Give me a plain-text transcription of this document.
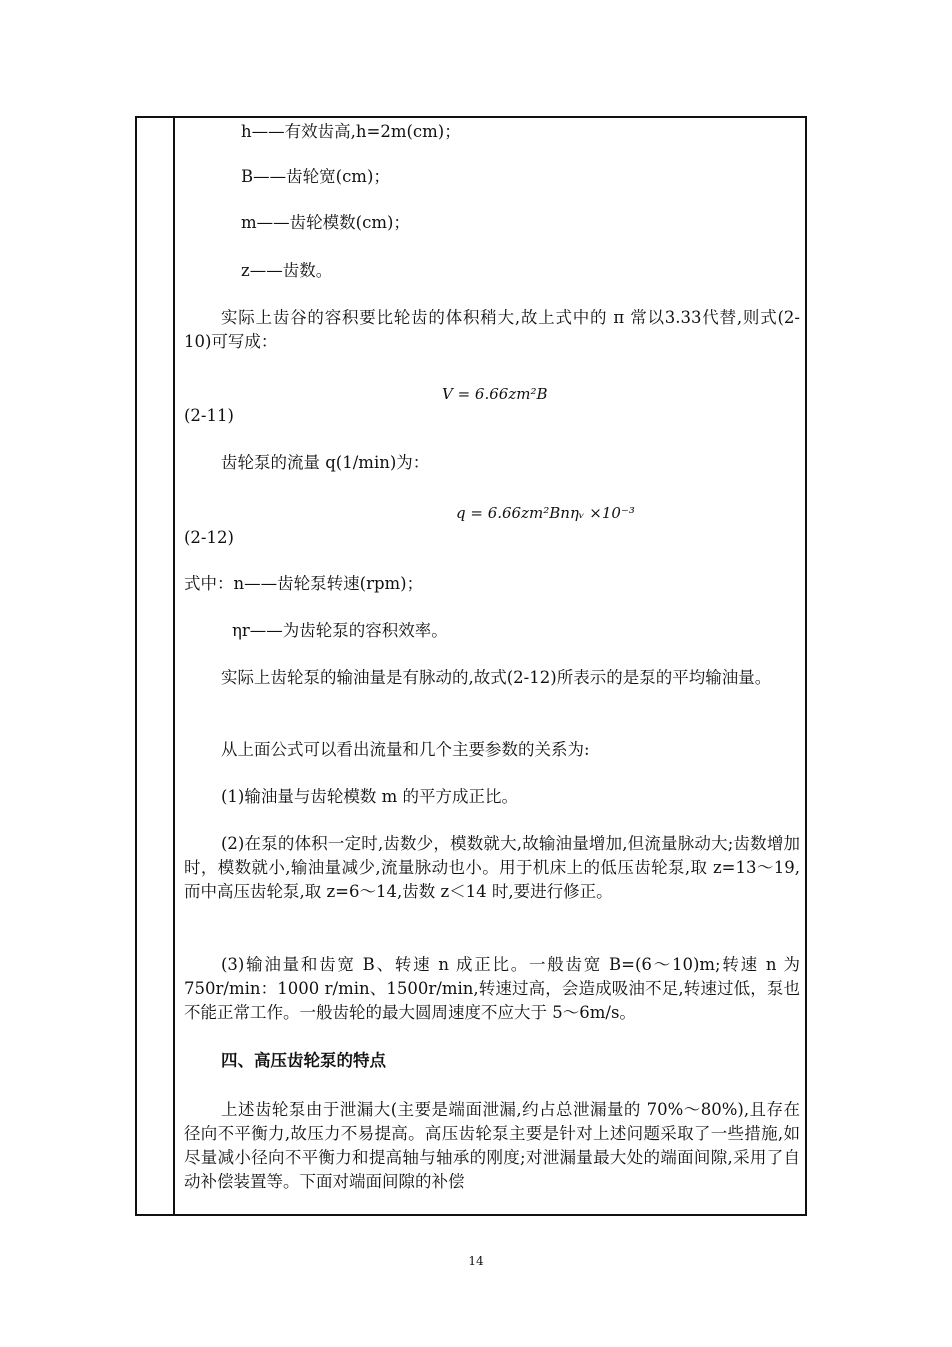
h——有效齿高,h=2m(cm)；
B——齿轮宽(cm)；
m——齿轮模数(cm)；
z——齿数。
实际上齿谷的容积要比轮齿的体积稍大,故上式中的 π 常以3.33代替,则式(2-10)可写成：
V = 6.66zm²B
(2-11)
齿轮泵的流量 q(1/min)为：
q = 6.66zm²Bnηᵥ ×10⁻³
(2-12)
式中：n——齿轮泵转速(rpm)；
ηr——为齿轮泵的容积效率。
实际上齿轮泵的输油量是有脉动的,故式(2-12)所表示的是泵的平均输油量。
从上面公式可以看出流量和几个主要参数的关系为:
(1)输油量与齿轮模数 m 的平方成正比。
(2)在泵的体积一定时,齿数少，模数就大,故输油量增加,但流量脉动大;齿数增加时，模数就小,输油量减少,流量脉动也小。用于机床上的低压齿轮泵,取 z=13～19,而中高压齿轮泵,取 z=6～14,齿数 z＜14 时,要进行修正。
(3)输油量和齿宽 B、转速 n 成正比。一般齿宽 B=(6～10)m;转速 n 为750r/min：1000 r/min、1500r/min,转速过高，会造成吸油不足,转速过低，泵也不能正常工作。一般齿轮的最大圆周速度不应大于 5～6m/s。
四、高压齿轮泵的特点
上述齿轮泵由于泄漏大(主要是端面泄漏,约占总泄漏量的 70%～80%),且存在径向不平衡力,故压力不易提高。高压齿轮泵主要是针对上述问题采取了一些措施,如尽量减小径向不平衡力和提高轴与轴承的刚度;对泄漏量最大处的端面间隙,采用了自动补偿装置等。下面对端面间隙的补偿
14
